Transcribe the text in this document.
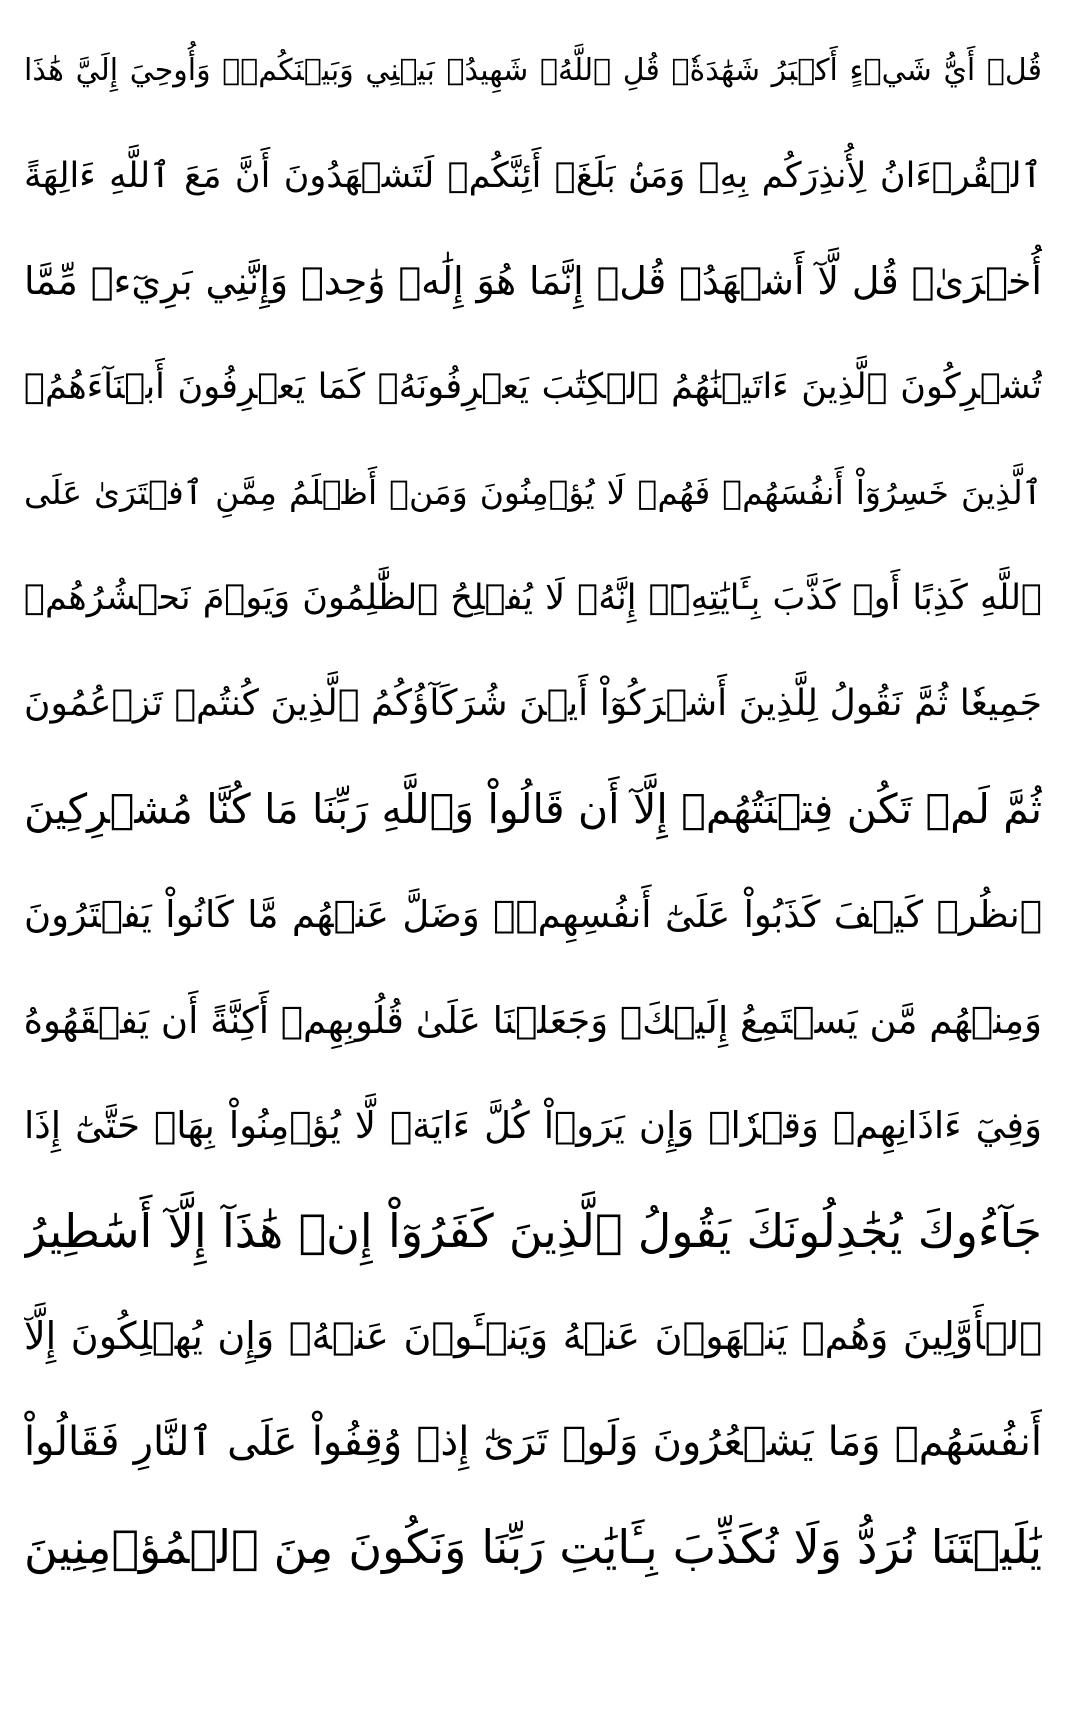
قُلۡ أَيُّ شَيۡءٍ أَكۡبَرُ شَهَٰدَةٗۖ قُلِ ٱللَّهُۖ شَهِيدُۢ بَيۡنِي وَبَيۡنَكُمۡۚ وَأُوحِيَ إِلَيَّ هَٰذَا
ٱلۡقُرۡءَانُ لِأُنذِرَكُم بِهِۦ وَمَنۢ بَلَغَۚ أَئِنَّكُمۡ لَتَشۡهَدُونَ أَنَّ مَعَ ٱللَّهِ ءَالِهَةً
أُخۡرَىٰۚ قُل لَّآ أَشۡهَدُۚ قُلۡ إِنَّمَا هُوَ إِلَٰهٞ وَٰحِدٞ وَإِنَّنِي بَرِيٓءٞ مِّمَّا
تُشۡرِكُونَ ٱلَّذِينَ ءَاتَيۡنَٰهُمُ ٱلۡكِتَٰبَ يَعۡرِفُونَهُۥ كَمَا يَعۡرِفُونَ أَبۡنَآءَهُمُۘ
ٱلَّذِينَ خَسِرُوٓاْ أَنفُسَهُمۡ فَهُمۡ لَا يُؤۡمِنُونَ وَمَنۡ أَظۡلَمُ مِمَّنِ ٱفۡتَرَىٰ عَلَى
ٱللَّهِ كَذِبًا أَوۡ كَذَّبَ بِـَٔايَٰتِهِۦٓۚ إِنَّهُۥ لَا يُفۡلِحُ ٱلظَّٰلِمُونَ وَيَوۡمَ نَحۡشُرُهُمۡ
جَمِيعٗا ثُمَّ نَقُولُ لِلَّذِينَ أَشۡرَكُوٓاْ أَيۡنَ شُرَكَآؤُكُمُ ٱلَّذِينَ كُنتُمۡ تَزۡعُمُونَ
ثُمَّ لَمۡ تَكُن فِتۡنَتُهُمۡ إِلَّآ أَن قَالُواْ وَٱللَّهِ رَبِّنَا مَا كُنَّا مُشۡرِكِينَ
ٱنظُرۡ كَيۡفَ كَذَبُواْ عَلَىٰٓ أَنفُسِهِمۡۚ وَضَلَّ عَنۡهُم مَّا كَانُواْ يَفۡتَرُونَ
وَمِنۡهُم مَّن يَسۡتَمِعُ إِلَيۡكَۖ وَجَعَلۡنَا عَلَىٰ قُلُوبِهِمۡ أَكِنَّةً أَن يَفۡقَهُوهُ
وَفِيٓ ءَاذَانِهِمۡ وَقۡرٗاۚ وَإِن يَرَوۡاْ كُلَّ ءَايَةٖ لَّا يُؤۡمِنُواْ بِهَاۖ حَتَّىٰٓ إِذَا
جَآءُوكَ يُجَٰدِلُونَكَ يَقُولُ ٱلَّذِينَ كَفَرُوٓاْ إِنۡ هَٰذَآ إِلَّآ أَسَٰطِيرُ
ٱلۡأَوَّلِينَ وَهُمۡ يَنۡهَوۡنَ عَنۡهُ وَيَنۡـَٔوۡنَ عَنۡهُۖ وَإِن يُهۡلِكُونَ إِلَّآ
أَنفُسَهُمۡ وَمَا يَشۡعُرُونَ وَلَوۡ تَرَىٰٓ إِذۡ وُقِفُواْ عَلَى ٱلنَّارِ فَقَالُواْ
يَٰلَيۡتَنَا نُرَدُّ وَلَا نُكَذِّبَ بِـَٔايَٰتِ رَبِّنَا وَنَكُونَ مِنَ ٱلۡمُؤۡمِنِينَ
